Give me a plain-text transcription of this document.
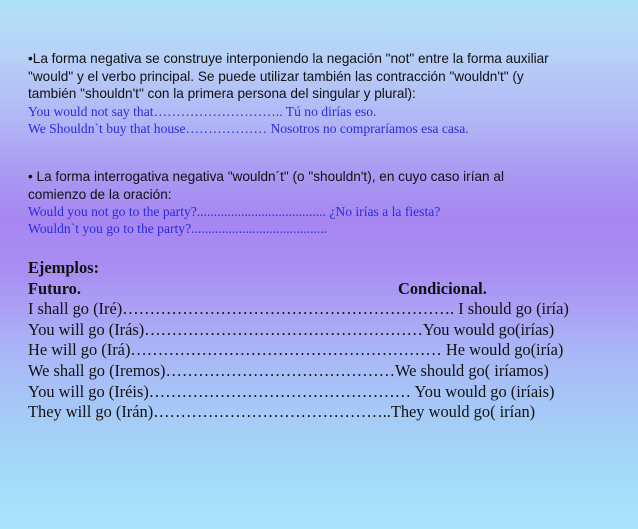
•La forma negativa se construye interponiendo la negación "not" entre la forma auxiliar
"would" y el verbo principal. Se puede utilizar también las contracción "wouldn't" (y
también "shouldn't" con la primera persona del singular y plural):
You would not say that……………………….. Tú no dirías eso.
We Shouldn`t buy that house……………… Nosotros no compraríamos esa casa.
• La forma interrogativa negativa "wouldn´t" (o "shouldn't), en cuyo caso irían al
comienzo de la oración:
Would you not go to the party?...................................... ¿No irías a la fiesta?
Wouldn`t you go to the party?........................................
Ejemplos:
Futuro.	Condicional.
I shall go (Iré)……………………………………………………. I should go (iría)
You will go (Irás)……………………………………………You would go(irías)
He will go (Irá)………………………………………………… He would go(iría)
We shall go (Iremos)……………………………………We should go( iríamos)
You will go (Iréis)………………………………………… You would go (iríais)
They will go (Irán)……………………………………..They would go( irían)
